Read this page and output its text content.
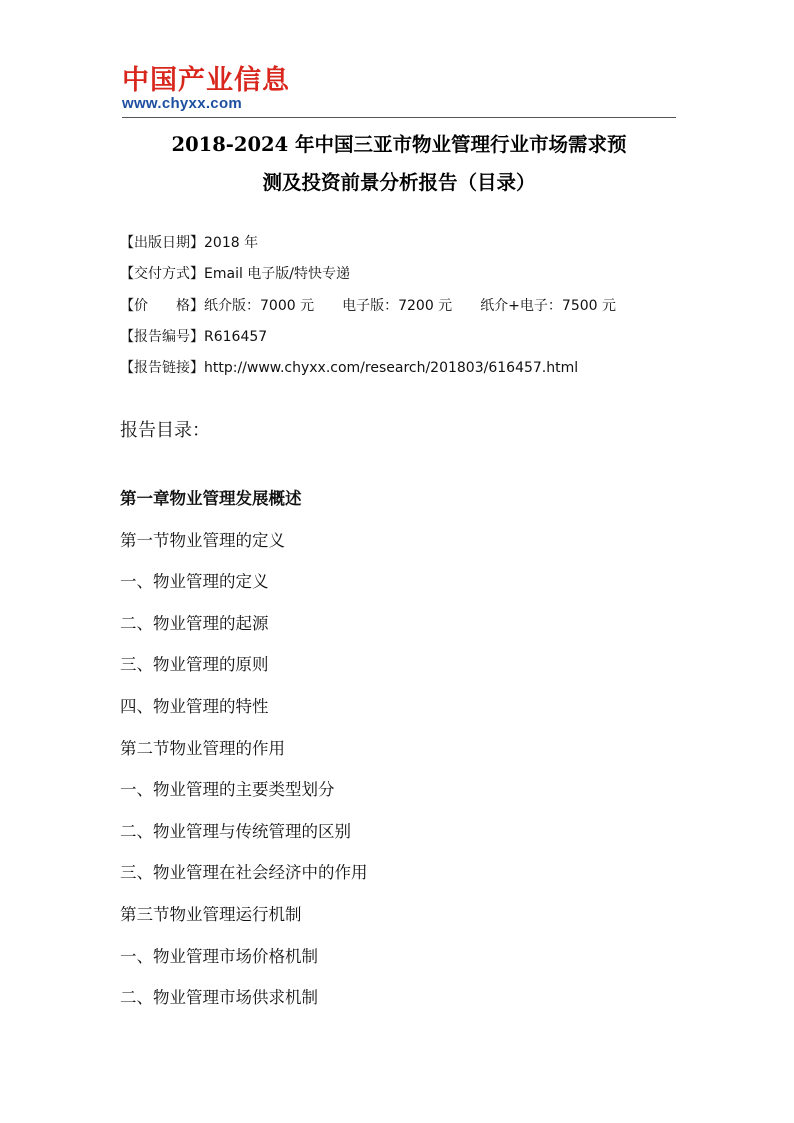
中国产业信息
www.chyxx.com
2018-2024 年中国三亚市物业管理行业市场需求预
测及投资前景分析报告（目录）
【出版日期】2018 年
【交付方式】Email 电子版/特快专递
【价 格】纸介版：7000 元 电子版：7200 元 纸介+电子：7500 元
【报告编号】R616457
【报告链接】http://www.chyxx.com/research/201803/616457.html
报告目录：
第一章物业管理发展概述
第一节物业管理的定义
一、物业管理的定义
二、物业管理的起源
三、物业管理的原则
四、物业管理的特性
第二节物业管理的作用
一、物业管理的主要类型划分
二、物业管理与传统管理的区别
三、物业管理在社会经济中的作用
第三节物业管理运行机制
一、物业管理市场价格机制
二、物业管理市场供求机制
